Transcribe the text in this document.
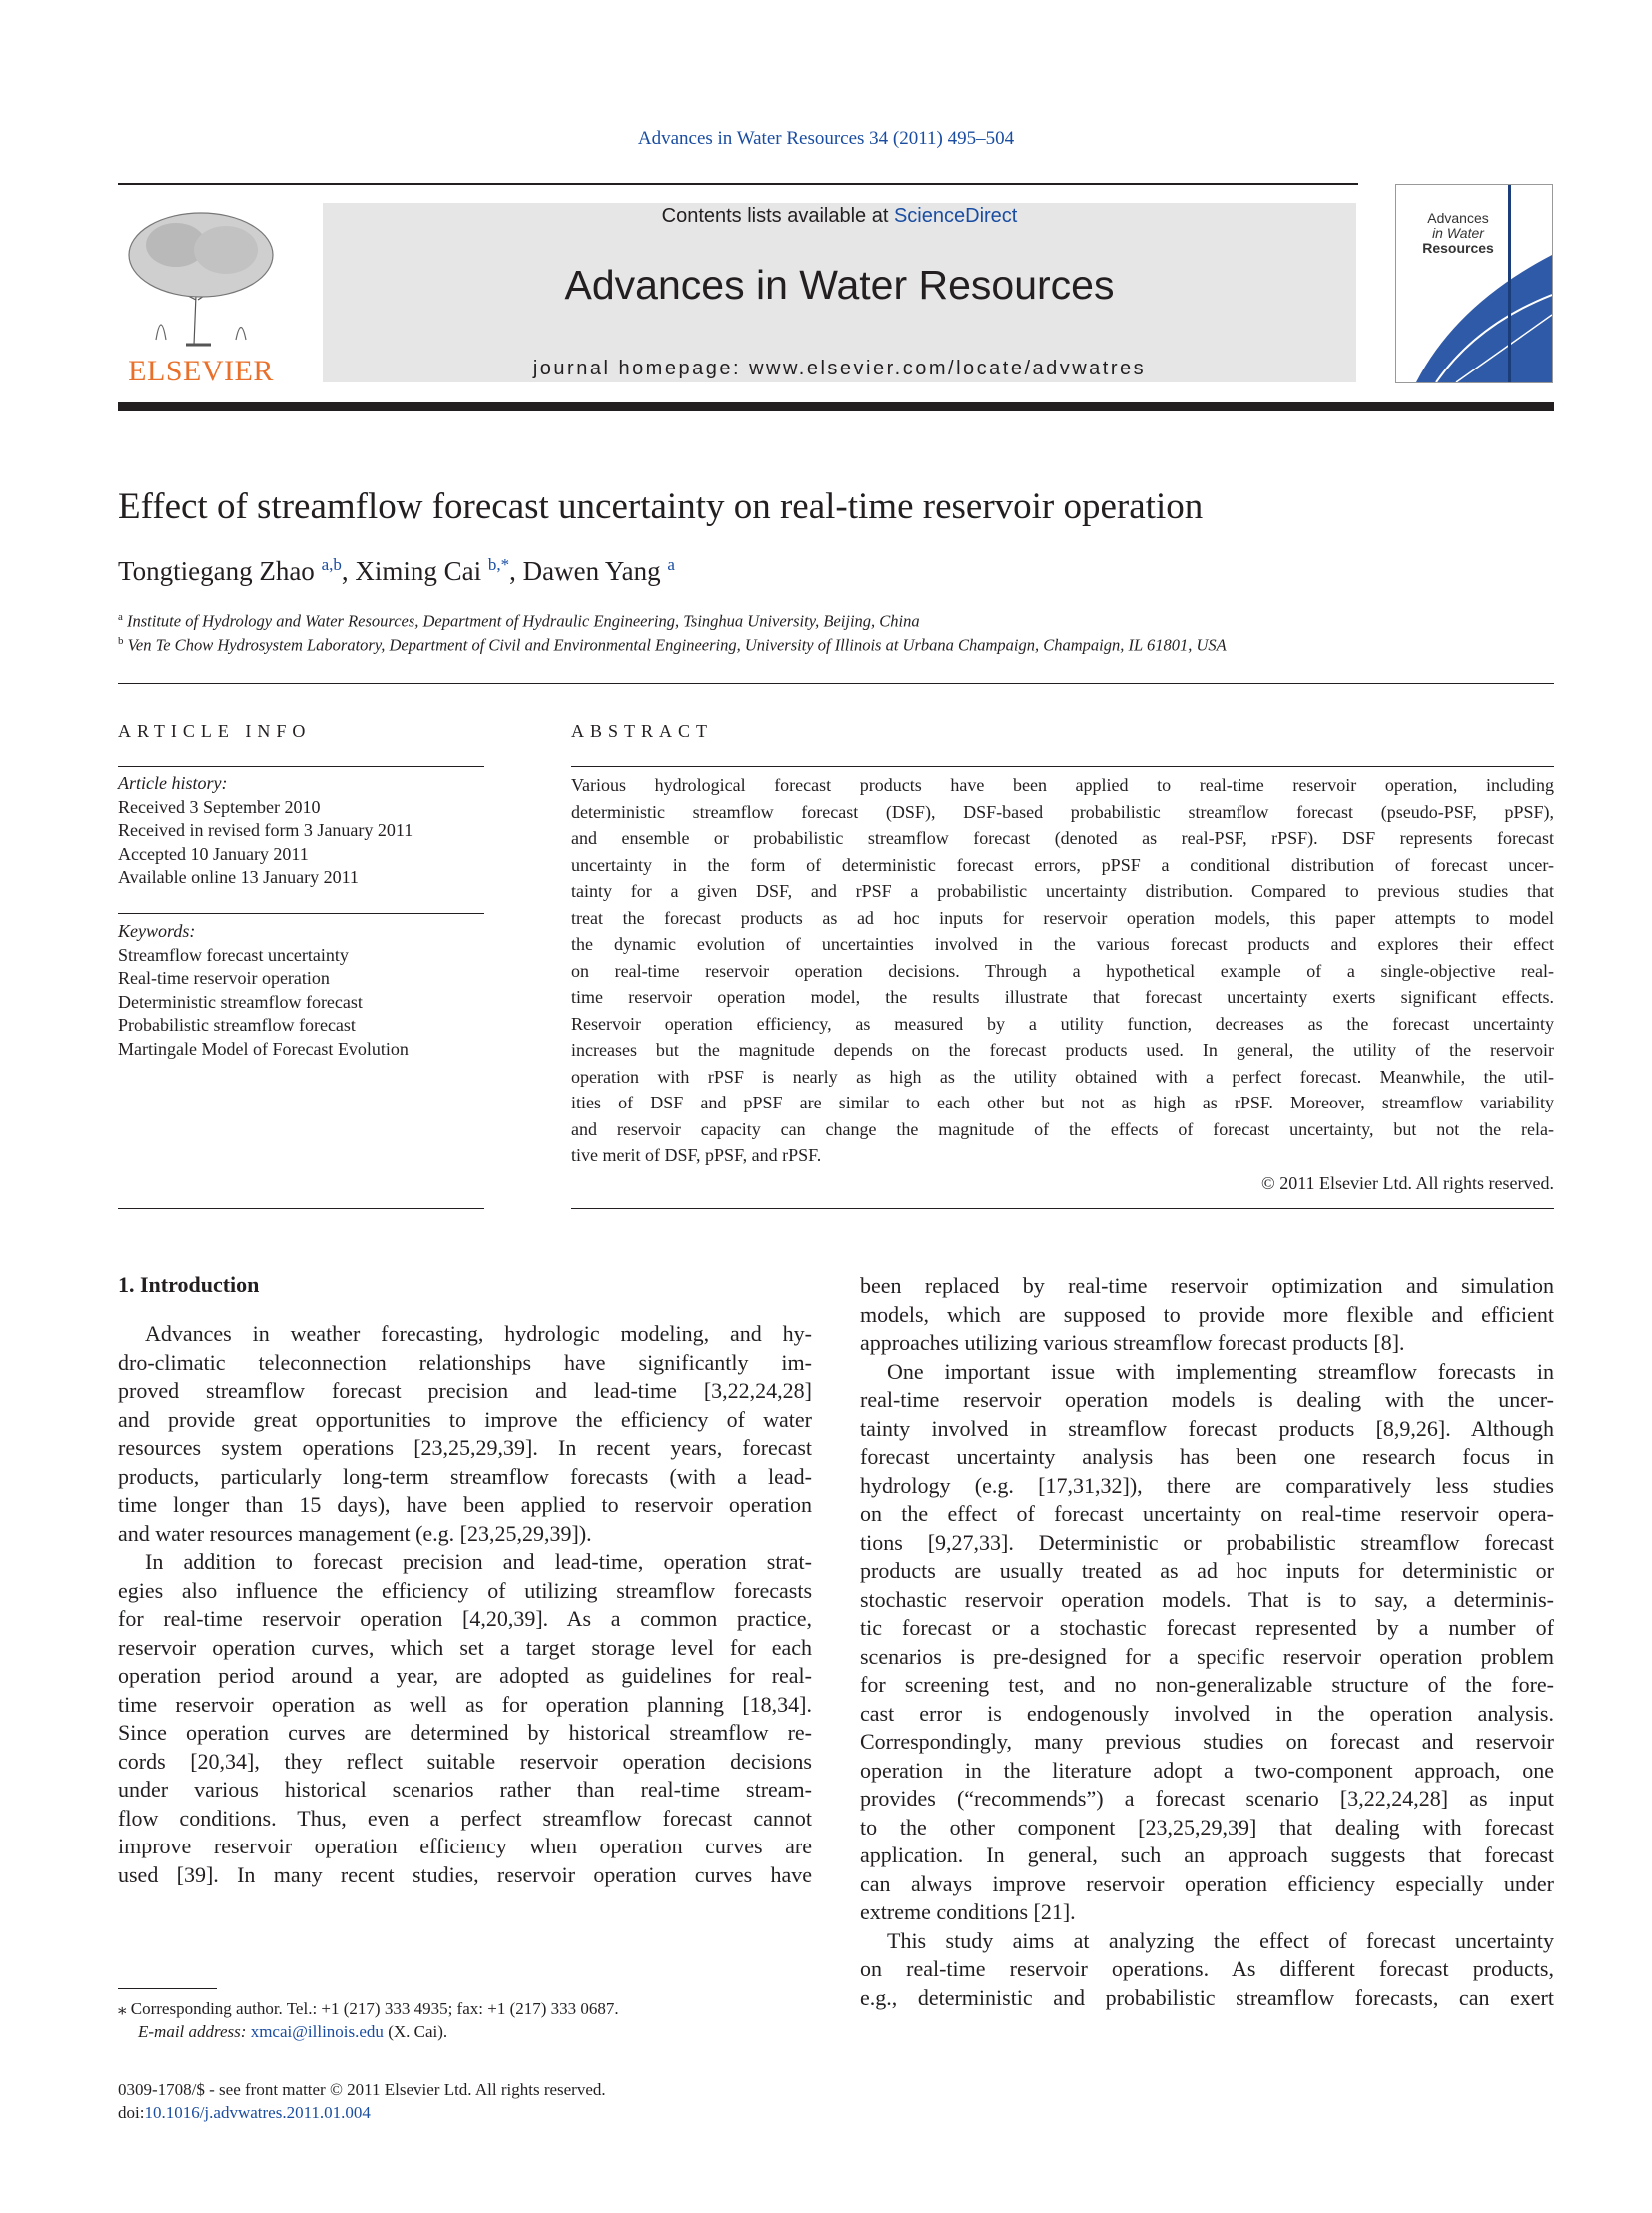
Advances in Water Resources 34 (2011) 495–504
ELSEVIER
Contents lists available at ScienceDirect
Advances in Water Resources
journal homepage: www.elsevier.com/locate/advwatres
Advances
in Water
Resources
Effect of streamflow forecast uncertainty on real-time reservoir operation
Tongtiegang Zhao $^{a,b}$, Ximing Cai $^{b,*}$, Dawen Yang $^a$
$^a$ Institute of Hydrology and Water Resources, Department of Hydraulic Engineering, Tsinghua University, Beijing, China
$^b$ Ven Te Chow Hydrosystem Laboratory, Department of Civil and Environmental Engineering, University of Illinois at Urbana Champaign, Champaign, IL 61801, USA
ARTICLE INFO
Article history:
Received 3 September 2010
Received in revised form 3 January 2011
Accepted 10 January 2011
Available online 13 January 2011
Keywords:
Streamflow forecast uncertainty
Real-time reservoir operation
Deterministic streamflow forecast
Probabilistic streamflow forecast
Martingale Model of Forecast Evolution
ABSTRACT
Various hydrological forecast products have been applied to real-time reservoir operation, including
deterministic streamflow forecast (DSF), DSF-based probabilistic streamflow forecast (pseudo-PSF, pPSF),
and ensemble or probabilistic streamflow forecast (denoted as real-PSF, rPSF). DSF represents forecast
uncertainty in the form of deterministic forecast errors, pPSF a conditional distribution of forecast uncer-
tainty for a given DSF, and rPSF a probabilistic uncertainty distribution. Compared to previous studies that
treat the forecast products as ad hoc inputs for reservoir operation models, this paper attempts to model
the dynamic evolution of uncertainties involved in the various forecast products and explores their effect
on real-time reservoir operation decisions. Through a hypothetical example of a single-objective real-
time reservoir operation model, the results illustrate that forecast uncertainty exerts significant effects.
Reservoir operation efficiency, as measured by a utility function, decreases as the forecast uncertainty
increases but the magnitude depends on the forecast products used. In general, the utility of the reservoir
operation with rPSF is nearly as high as the utility obtained with a perfect forecast. Meanwhile, the util-
ities of DSF and pPSF are similar to each other but not as high as rPSF. Moreover, streamflow variability
and reservoir capacity can change the magnitude of the effects of forecast uncertainty, but not the rela-
tive merit of DSF, pPSF, and rPSF.
© 2011 Elsevier Ltd. All rights reserved.
1. Introduction
Advances in weather forecasting, hydrologic modeling, and hy-
dro-climatic teleconnection relationships have significantly im-
proved streamflow forecast precision and lead-time [3,22,24,28]
and provide great opportunities to improve the efficiency of water
resources system operations [23,25,29,39]. In recent years, forecast
products, particularly long-term streamflow forecasts (with a lead-
time longer than 15 days), have been applied to reservoir operation
and water resources management (e.g. [23,25,29,39]).
In addition to forecast precision and lead-time, operation strat-
egies also influence the efficiency of utilizing streamflow forecasts
for real-time reservoir operation [4,20,39]. As a common practice,
reservoir operation curves, which set a target storage level for each
operation period around a year, are adopted as guidelines for real-
time reservoir operation as well as for operation planning [18,34].
Since operation curves are determined by historical streamflow re-
cords [20,34], they reflect suitable reservoir operation decisions
under various historical scenarios rather than real-time stream-
flow conditions. Thus, even a perfect streamflow forecast cannot
improve reservoir operation efficiency when operation curves are
used [39]. In many recent studies, reservoir operation curves have
been replaced by real-time reservoir optimization and simulation
models, which are supposed to provide more flexible and efficient
approaches utilizing various streamflow forecast products [8].
One important issue with implementing streamflow forecasts in
real-time reservoir operation models is dealing with the uncer-
tainty involved in streamflow forecast products [8,9,26]. Although
forecast uncertainty analysis has been one research focus in
hydrology (e.g. [17,31,32]), there are comparatively less studies
on the effect of forecast uncertainty on real-time reservoir opera-
tions [9,27,33]. Deterministic or probabilistic streamflow forecast
products are usually treated as ad hoc inputs for deterministic or
stochastic reservoir operation models. That is to say, a determinis-
tic forecast or a stochastic forecast represented by a number of
scenarios is pre-designed for a specific reservoir operation problem
for screening test, and no non-generalizable structure of the fore-
cast error is endogenously involved in the operation analysis.
Correspondingly, many previous studies on forecast and reservoir
operation in the literature adopt a two-component approach, one
provides (“recommends”) a forecast scenario [3,22,24,28] as input
to the other component [23,25,29,39] that dealing with forecast
application. In general, such an approach suggests that forecast
can always improve reservoir operation efficiency especially under
extreme conditions [21].
This study aims at analyzing the effect of forecast uncertainty
on real-time reservoir operations. As different forecast products,
e.g., deterministic and probabilistic streamflow forecasts, can exert
⁎ Corresponding author. Tel.: +1 (217) 333 4935; fax: +1 (217) 333 0687.
E-mail address: xmcai@illinois.edu (X. Cai).
0309-1708/$ - see front matter © 2011 Elsevier Ltd. All rights reserved.
doi:10.1016/j.advwatres.2011.01.004
